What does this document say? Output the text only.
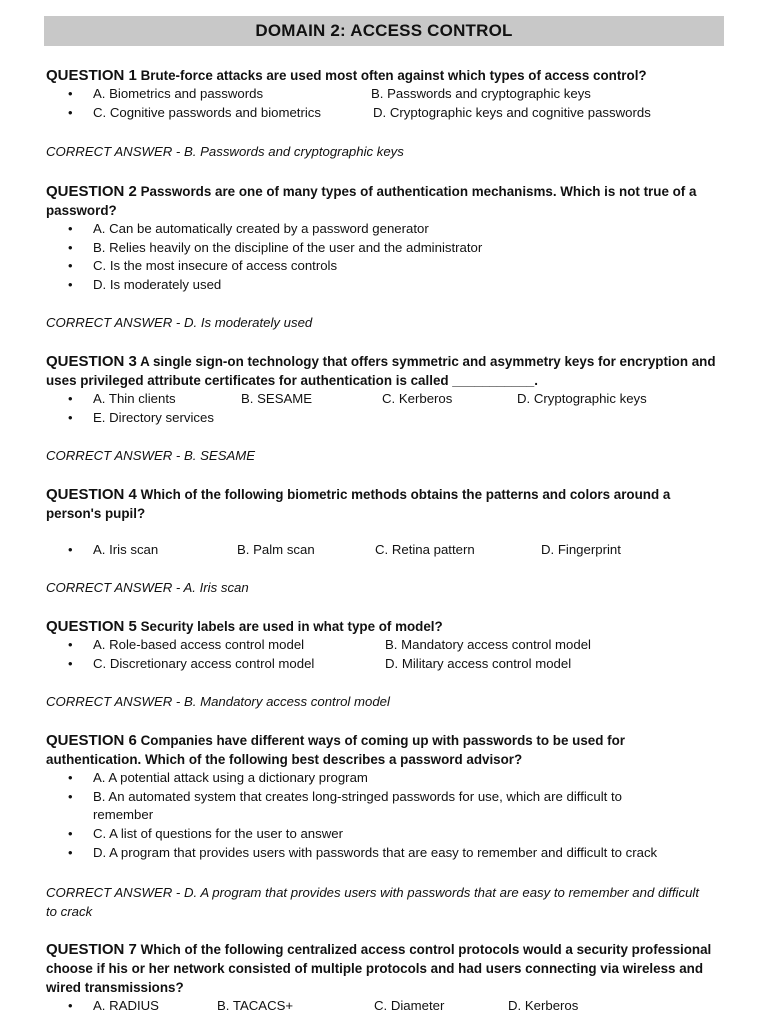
DOMAIN 2: ACCESS CONTROL

QUESTION 1 Brute-force attacks are used most often against which types of access control?

• A. Biometrics and passwords	B. Passwords and cryptographic keys
• C. Cognitive passwords and biometrics	D. Cryptographic keys and cognitive passwords
CORRECT ANSWER - B. Passwords and cryptographic keys

QUESTION 2 Passwords are one of many types of authentication mechanisms. Which is not true of a password?

• A. Can be automatically created by a password generator
• B. Relies heavily on the discipline of the user and the administrator
• C. Is the most insecure of access controls
• D. Is moderately used
CORRECT ANSWER - D. Is moderately used

QUESTION 3 A single sign-on technology that offers symmetric and asymmetry keys for encryption and uses privileged attribute certificates for authentication is called ___________.

• A. Thin clients	B. SESAME	C. Kerberos	D. Cryptographic keys
• E. Directory services
CORRECT ANSWER - B. SESAME

QUESTION 4 Which of the following biometric methods obtains the patterns and colors around a person's pupil?

• A. Iris scan	B. Palm scan	C. Retina pattern	D. Fingerprint
CORRECT ANSWER - A. Iris scan

QUESTION 5 Security labels are used in what type of model?

• A. Role-based access control model	B. Mandatory access control model
• C. Discretionary access control model	D. Military access control model
CORRECT ANSWER - B. Mandatory access control model

QUESTION 6 Companies have different ways of coming up with passwords to be used for authentication. Which of the following best describes a password advisor?

• A. A potential attack using a dictionary program
• B. An automated system that creates long-stringed passwords for use, which are difficult to remember
• C. A list of questions for the user to answer
• D. A program that provides users with passwords that are easy to remember and difficult to crack
CORRECT ANSWER - D. A program that provides users with passwords that are easy to remember and difficult to crack

QUESTION 7 Which of the following centralized access control protocols would a security professional choose if his or her network consisted of multiple protocols and had users connecting via wireless and wired transmissions?

• A. RADIUS	B. TACACS+	C. Diameter	D. Kerberos
